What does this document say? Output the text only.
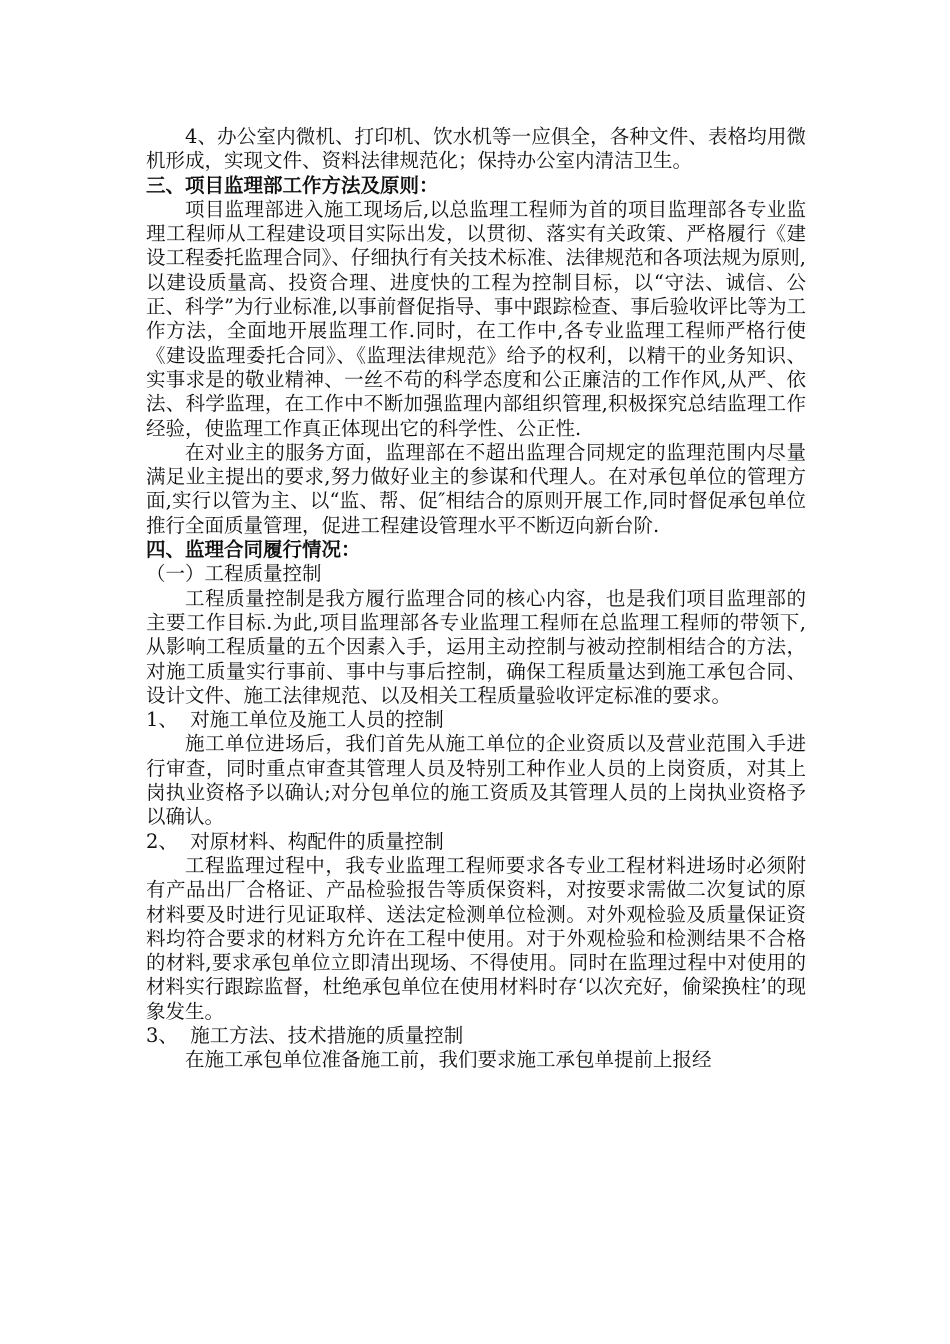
4、办公室内微机、打印机、饮水机等一应俱全，各种文件、表格均用微机形成，实现文件、资料法律规范化；保持办公室内清洁卫生。

三、项目监理部工作方法及原则：

项目监理部进入施工现场后,以总监理工程师为首的项目监理部各专业监理工程师从工程建设项目实际出发，以贯彻、落实有关政策、严格履行《建设工程委托监理合同》、仔细执行有关技术标准、法律规范和各项法规为原则,以建设质量高、投资合理、进度快的工程为控制目标，以“守法、诚信、公正、科学”为行业标准,以事前督促指导、事中跟踪检查、事后验收评比等为工作方法，全面地开展监理工作.同时，在工作中,各专业监理工程师严格行使《建设监理委托合同》、《监理法律规范》给予的权利，以精干的业务知识、实事求是的敬业精神、一丝不苟的科学态度和公正廉洁的工作作风,从严、依法、科学监理，在工作中不断加强监理内部组织管理,积极探究总结监理工作经验，使监理工作真正体现出它的科学性、公正性.

在对业主的服务方面，监理部在不超出监理合同规定的监理范围内尽量满足业主提出的要求,努力做好业主的参谋和代理人。在对承包单位的管理方面,实行以管为主、以“监、帮、促″相结合的原则开展工作,同时督促承包单位推行全面质量管理，促进工程建设管理水平不断迈向新台阶.

四、监理合同履行情况：

（一）工程质量控制

工程质量控制是我方履行监理合同的核心内容，也是我们项目监理部的主要工作目标.为此,项目监理部各专业监理工程师在总监理工程师的带领下,从影响工程质量的五个因素入手，运用主动控制与被动控制相结合的方法，对施工质量实行事前、事中与事后控制，确保工程质量达到施工承包合同、设计文件、施工法律规范、以及相关工程质量验收评定标准的要求。

1、  对施工单位及施工人员的控制

施工单位进场后，我们首先从施工单位的企业资质以及营业范围入手进行审查，同时重点审查其管理人员及特别工种作业人员的上岗资质，对其上岗执业资格予以确认;对分包单位的施工资质及其管理人员的上岗执业资格予以确认。

2、  对原材料、构配件的质量控制

工程监理过程中，我专业监理工程师要求各专业工程材料进场时必须附有产品出厂合格证、产品检验报告等质保资料，对按要求需做二次复试的原材料要及时进行见证取样、送法定检测单位检测。对外观检验及质量保证资料均符合要求的材料方允许在工程中使用。对于外观检验和检测结果不合格的材料,要求承包单位立即清出现场、不得使用。同时在监理过程中对使用的材料实行跟踪监督，杜绝承包单位在使用材料时存‘以次充好，偷梁换柱’的现象发生。

3、  施工方法、技术措施的质量控制

在施工承包单位准备施工前，我们要求施工承包单提前上报经
